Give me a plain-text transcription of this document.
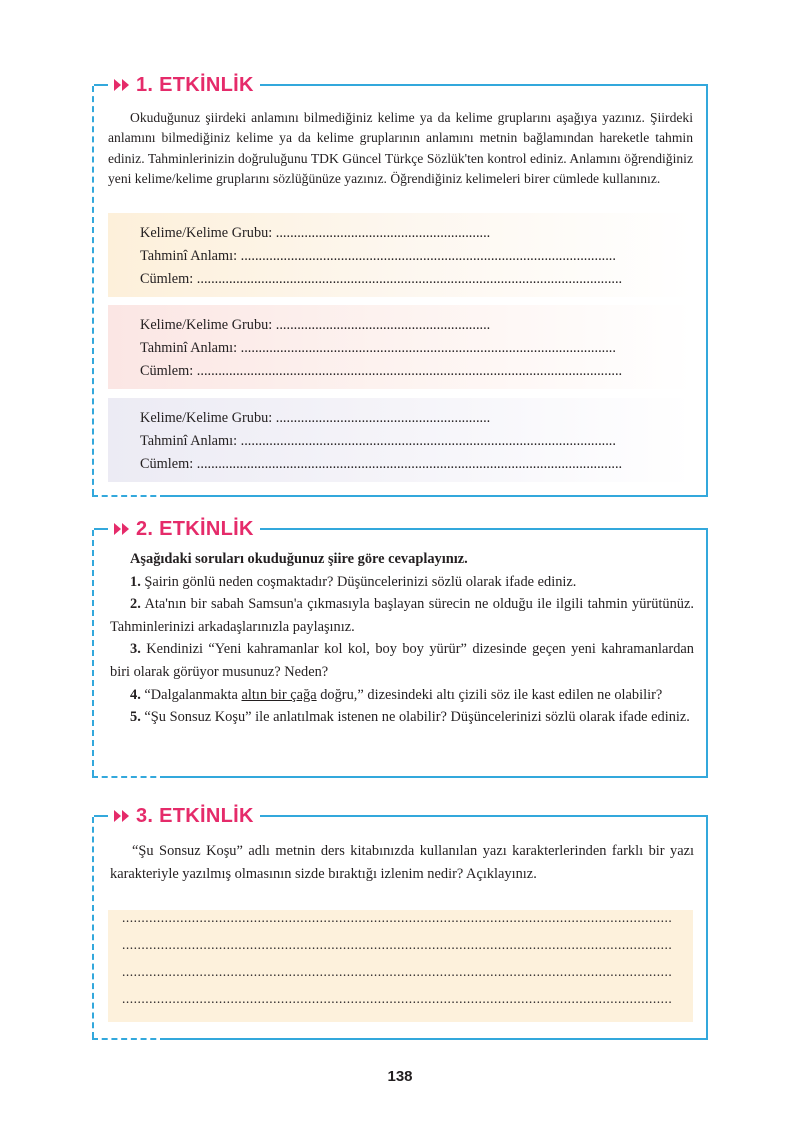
1. ETKİNLİK
Okuduğunuz şiirdeki anlamını bilmediğiniz kelime ya da kelime gruplarını aşağıya yazınız. Şiirdeki anlamını bilmediğiniz kelime ya da kelime gruplarının anlamını metnin bağlamından hareketle tahmin ediniz. Tahminlerinizin doğruluğunu TDK Güncel Türkçe Sözlük'ten kontrol ediniz. Anlamını öğrendiğiniz yeni kelime/kelime gruplarını sözlüğünüze yazınız. Öğrendiğiniz kelimeleri birer cümlede kullanınız.
Kelime/Kelime Grubu: ............................................................
Tahminî Anlamı: .........................................................................................................
Cümlem: .......................................................................................................................
Kelime/Kelime Grubu: ............................................................
Tahminî Anlamı: .........................................................................................................
Cümlem: .......................................................................................................................
Kelime/Kelime Grubu: ............................................................
Tahminî Anlamı: .........................................................................................................
Cümlem: .......................................................................................................................
2. ETKİNLİK
Aşağıdaki soruları okuduğunuz şiire göre cevaplayınız.
1. Şairin gönlü neden coşmaktadır? Düşüncelerinizi sözlü olarak ifade ediniz.
2. Ata'nın bir sabah Samsun'a çıkmasıyla başlayan sürecin ne olduğu ile ilgili tahmin yürütünüz. Tahminlerinizi arkadaşlarınızla paylaşınız.
3. Kendinizi “Yeni kahramanlar kol kol, boy boy yürür” dizesinde geçen yeni kahramanlardan biri olarak görüyor musunuz? Neden?
4. “Dalgalanmakta altın bir çağa doğru,” dizesindeki altı çizili söz ile kast edilen ne olabilir?
5. “Şu Sonsuz Koşu” ile anlatılmak istenen ne olabilir? Düşüncelerinizi sözlü olarak ifade ediniz.
3. ETKİNLİK
“Şu Sonsuz Koşu” adlı metnin ders kitabınızda kullanılan yazı karakterlerinden farklı bir yazı karakteriyle yazılmış olmasının sizde bıraktığı izlenim nedir? Açıklayınız.
..............................................................................................................................................
..............................................................................................................................................
..............................................................................................................................................
..............................................................................................................................................
138
